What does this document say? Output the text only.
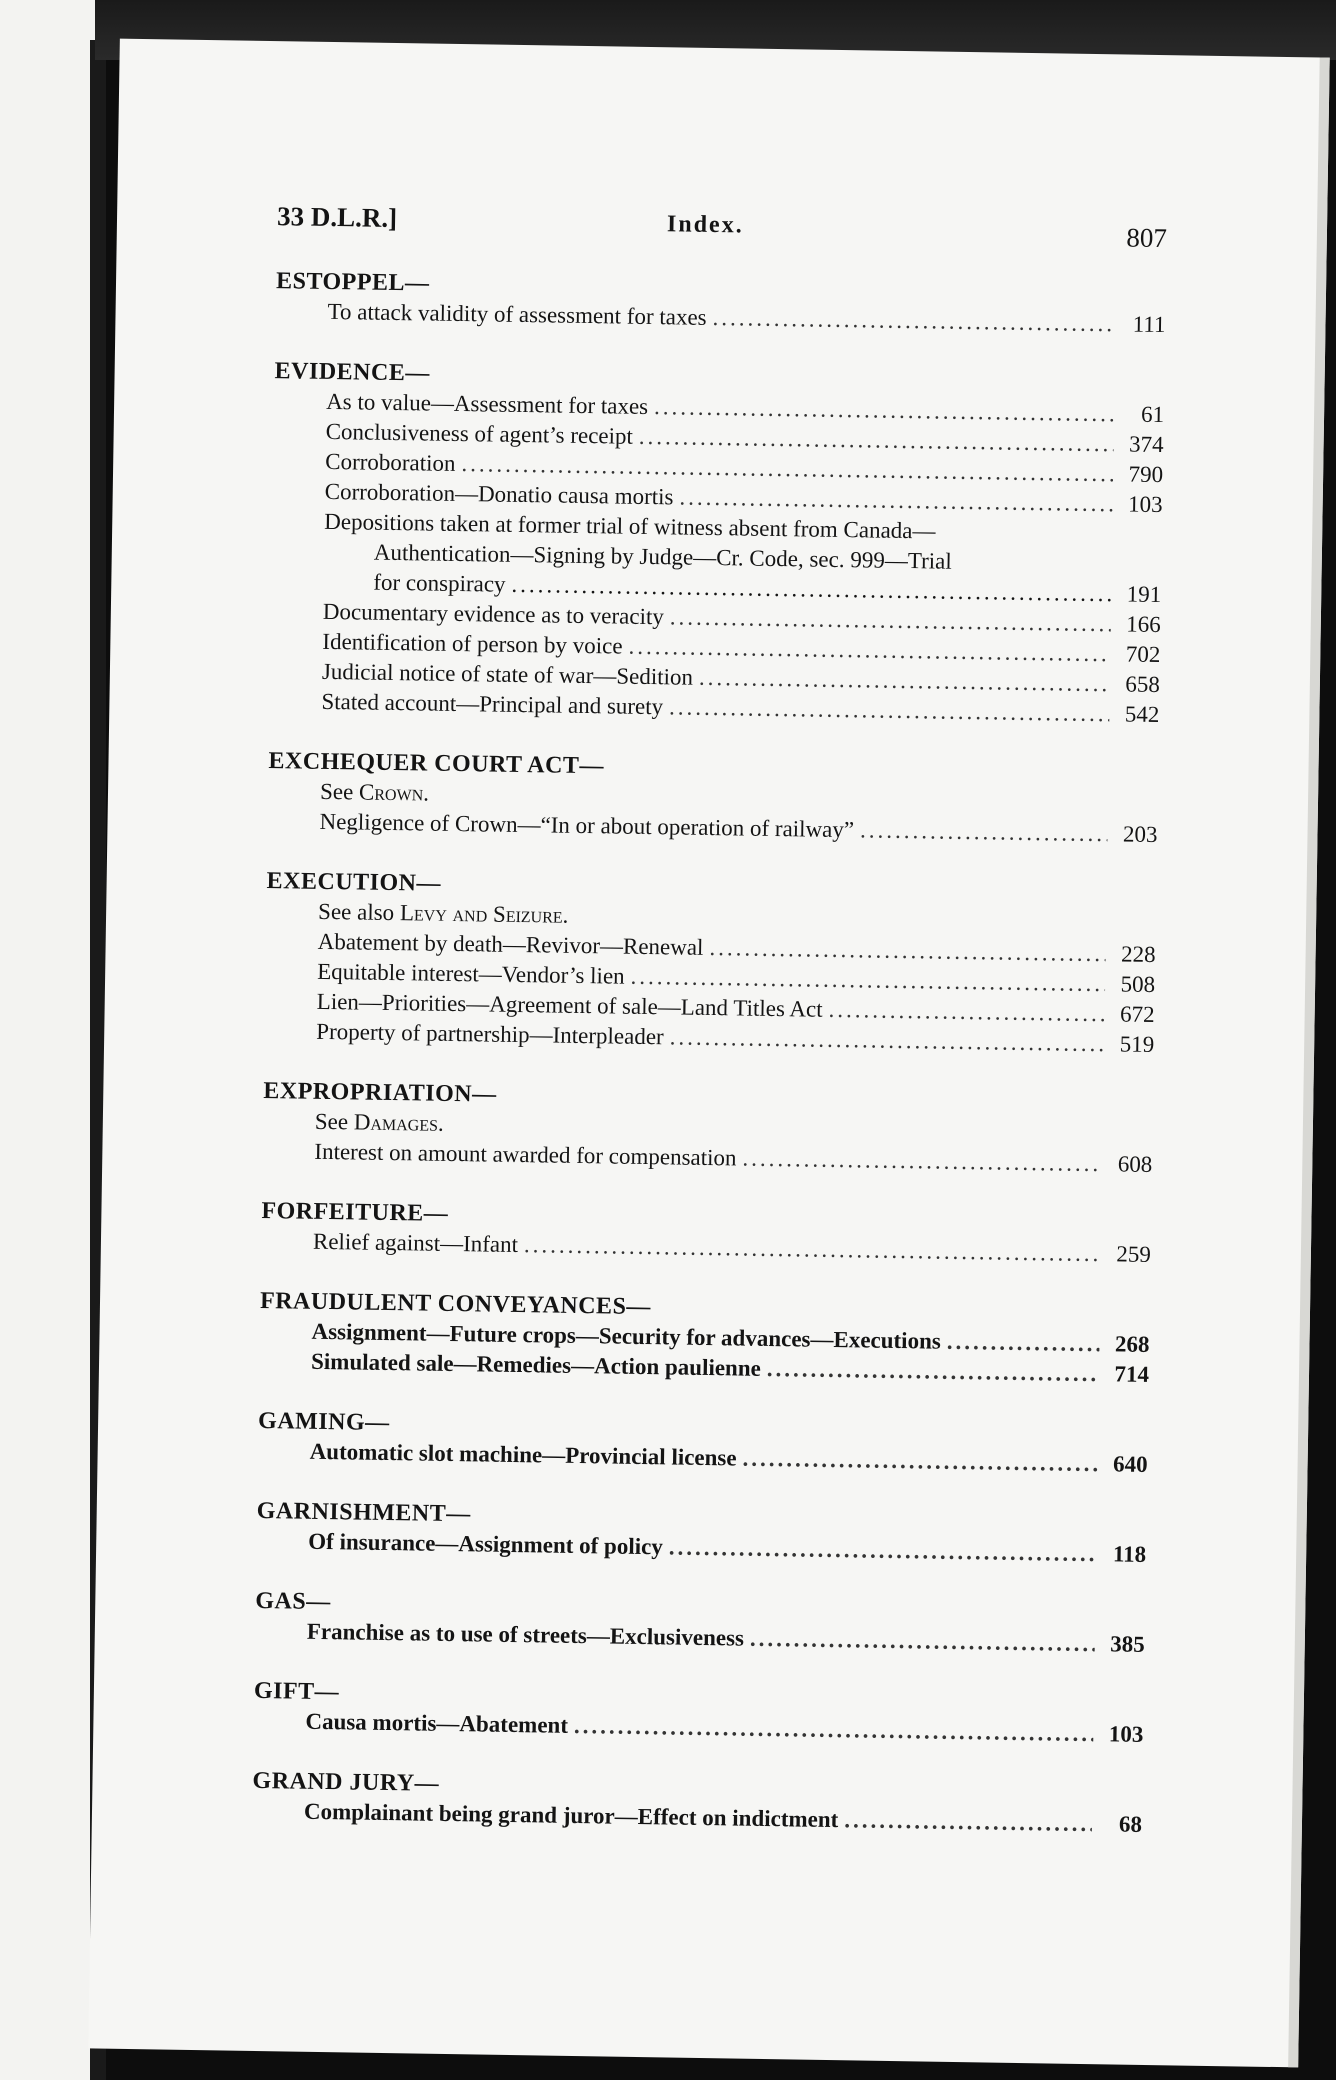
33 D.L.R.]	Index.	807
ESTOPPEL—
To attack validity of assessment for taxes .....	111
EVIDENCE—
As to value—Assessment for taxes .....	61
Conclusiveness of agent’s receipt .....	374
Corroboration .....	790
Corroboration—Donatio causa mortis .....	103
Depositions taken at former trial of witness absent from Canada—
Authentication—Signing by Judge—Cr. Code, sec. 999—Trial
for conspiracy .....	191
Documentary evidence as to veracity .....	166
Identification of person by voice .....	702
Judicial notice of state of war—Sedition .....	658
Stated account—Principal and surety .....	542
EXCHEQUER COURT ACT—
See Crown.
Negligence of Crown—“In or about operation of railway” .....	203
EXECUTION—
See also Levy and Seizure.
Abatement by death—Revivor—Renewal .....	228
Equitable interest—Vendor’s lien .....	508
Lien—Priorities—Agreement of sale—Land Titles Act .....	672
Property of partnership—Interpleader .....	519
EXPROPRIATION—
See Damages.
Interest on amount awarded for compensation .....	608
FORFEITURE—
Relief against—Infant .....	259
FRAUDULENT CONVEYANCES—
Assignment—Future crops—Security for advances—Executions .....	268
Simulated sale—Remedies—Action paulienne .....	714
GAMING—
Automatic slot machine—Provincial license .....	640
GARNISHMENT—
Of insurance—Assignment of policy .....	118
GAS—
Franchise as to use of streets—Exclusiveness .....	385
GIFT—
Causa mortis—Abatement .....	103
GRAND JURY—
Complainant being grand juror—Effect on indictment .....	68
